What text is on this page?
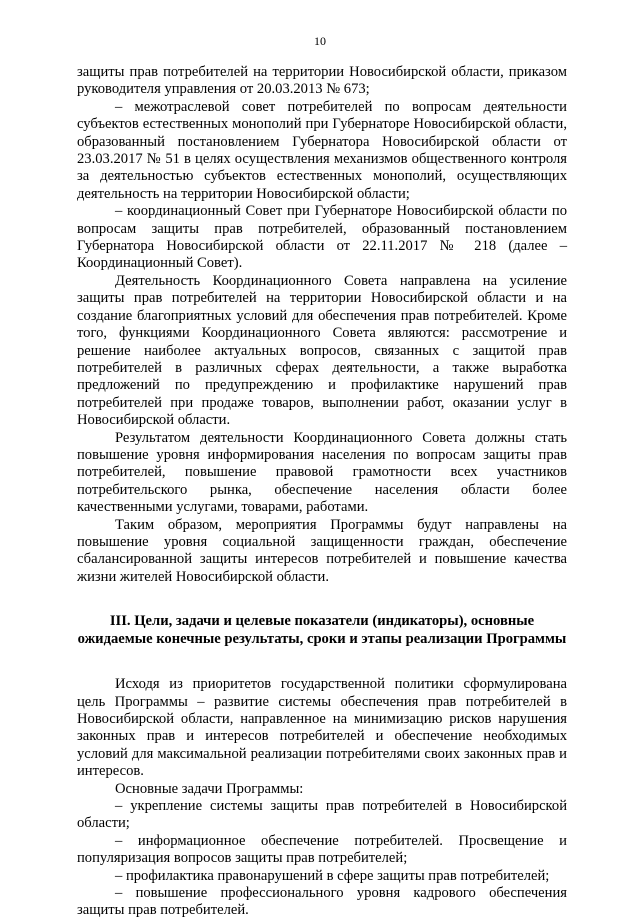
10

защиты прав потребителей на территории Новосибирской области, приказом руководителя управления от 20.03.2013 № 673;

– межотраслевой совет потребителей по вопросам деятельности субъектов естественных монополий при Губернаторе Новосибирской области, образованный постановлением Губернатора Новосибирской области от 23.03.2017 № 51 в целях осуществления механизмов общественного контроля за деятельностью субъектов естественных монополий, осуществляющих деятельность на территории Новосибирской области;

– координационный Совет при Губернаторе Новосибирской области по вопросам защиты прав потребителей, образованный постановлением Губернатора Новосибирской области от 22.11.2017 № 218 (далее – Координационный Совет).

Деятельность Координационного Совета направлена на усиление защиты прав потребителей на территории Новосибирской области и на создание благоприятных условий для обеспечения прав потребителей. Кроме того, функциями Координационного Совета являются: рассмотрение и решение наиболее актуальных вопросов, связанных с защитой прав потребителей в различных сферах деятельности, а также выработка предложений по предупреждению и профилактике нарушений прав потребителей при продаже товаров, выполнении работ, оказании услуг в Новосибирской области.

Результатом деятельности Координационного Совета должны стать повышение уровня информирования населения по вопросам защиты прав потребителей, повышение правовой грамотности всех участников потребительского рынка, обеспечение населения области более качественными услугами, товарами, работами.

Таким образом, мероприятия Программы будут направлены на повышение уровня социальной защищенности граждан, обеспечение сбалансированной защиты интересов потребителей и повышение качества жизни жителей Новосибирской области.

III. Цели, задачи и целевые показатели (индикаторы), основные ожидаемые конечные результаты, сроки и этапы реализации Программы

Исходя из приоритетов государственной политики сформулирована цель Программы – развитие системы обеспечения прав потребителей в Новосибирской области, направленное на минимизацию рисков нарушения законных прав и интересов потребителей и обеспечение необходимых условий для максимальной реализации потребителями своих законных прав и интересов.

Основные задачи Программы:

– укрепление системы защиты прав потребителей в Новосибирской области;

– информационное обеспечение потребителей. Просвещение и популяризация вопросов защиты прав потребителей;

– профилактика правонарушений в сфере защиты прав потребителей;

– повышение профессионального уровня кадрового обеспечения защиты прав потребителей.
